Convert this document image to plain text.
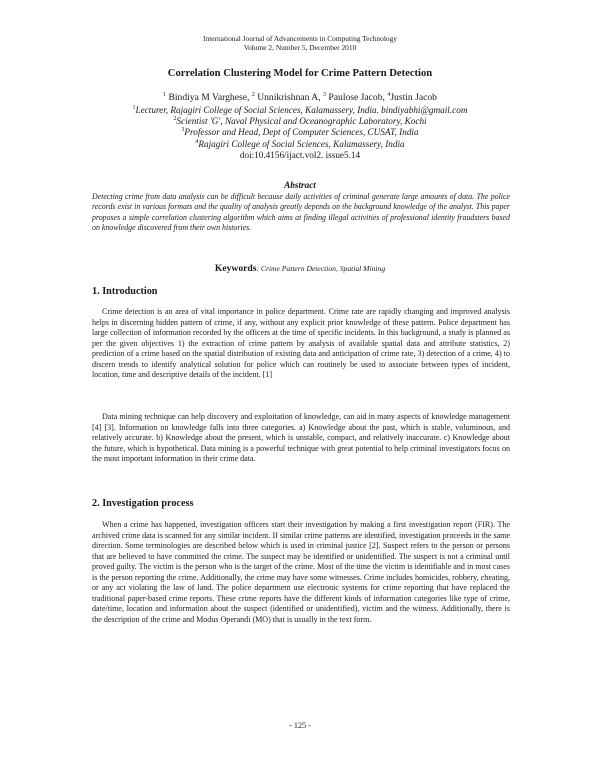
International Journal of Advancements in Computing Technology
Volume 2, Number 5, December 2010
Correlation Clustering Model for Crime Pattern Detection
$^1$ Bindiya M Varghese, $^2$ Unnikrishnan A, $^3$ Paulose Jacob, $^4$Justin Jacob
$^1$Lecturer, Rajagiri College of Social Sciences, Kalamassery, India. bindiyabhi@gmail.com
$^2$Scientist 'G', Naval Physical and Oceanographic Laboratory, Kochi
$^3$Professor and Head, Dept of Computer Sciences, CUSAT, India
$^4$Rajagiri College of Social Sciences, Kalamassery, India
doi:10.4156/ijact.vol2. issue5.14
Abstract
Detecting crime from data analysis can be difficult because daily activities of criminal generate large amounts of data. The police records exist in various formats and the quality of analysis greatly depends on the background knowledge of the analyst. This paper proposes a simple correlation clustering algorithm which aims at finding illegal activities of professional identity fraudsters based on knowledge discovered from their own histories.
Keywords: Crime Pattern Detection, Spatial Mining
1. Introduction

Crime detection is an area of vital importance in police department. Crime rate are rapidly changing and improved analysis helps in discerning hidden pattern of crime, if any, without any explicit prior knowledge of these pattern. Police department has large collection of information recorded by the officers at the time of specific incidents. In this background, a study is planned as per the given objectives 1) the extraction of crime pattern by analysis of available spatial data and attribute statistics, 2) prediction of a crime based on the spatial distribution of existing data and anticipation of crime rate, 3) detection of a crime, 4) to discern trends to identify analytical solution for police which can routinely be used to associate between types of incident, location, time and descriptive details of the incident. [1]

Data mining technique can help discovery and exploitation of knowledge, can aid in many aspects of knowledge management [4] [3]. Information on knowledge falls into three categories. a) Knowledge about the past, which is stable, voluminous, and relatively accurate. b) Knowledge about the present, which is unstable, compact, and relatively inaccurate. c) Knowledge about the future, which is hypothetical. Data mining is a powerful technique with great potential to help criminal investigators focus on the most important information in their crime data.

2. Investigation process

When a crime has happened, investigation officers start their investigation by making a first investigation report (FIR). The archived crime data is scanned for any similar incident. If similar crime patterns are identified, investigation proceeds in the same direction. Some terminologies are described below which is used in criminal justice [2]. Suspect refers to the person or persons that are believed to have committed the crime. The suspect may be identified or unidentified. The suspect is not a criminal until proved guilty. The victim is the person who is the target of the crime. Most of the time the victim is identifiable and in most cases is the person reporting the crime. Additionally, the crime may have some witnesses. Crime includes homicides, robbery, cheating, or any act violating the law of land. The police department use electronic systems for crime reporting that have replaced the traditional paper-based crime reports. These crime reports have the different kinds of information categories like type of crime, date/time, location and information about the suspect (identified or unidentified), victim and the witness. Additionally, there is the description of the crime and Modus Operandi (MO) that is usually in the text form.

- 125 -
